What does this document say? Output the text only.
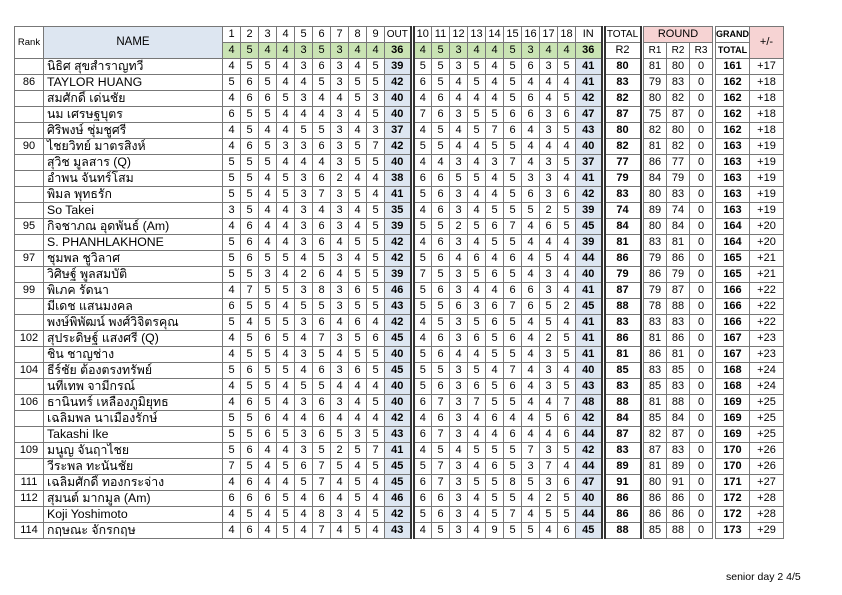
Rank	NAME	1	2	3	4	5	6	7	8	9	OUT		10	11	12	13	14	15	16	17	18	IN		TOTAL		ROUND				GRAND	+/-
		4	5	4	4	3	5	3	4	4	36		4	5	3	4	4	5	3	4	4	36		R2		R1	R2	R3		TOTAL	
	นิธิศ สุขสำราญทวี	4	5	5	4	3	6	3	4	5	39		5	5	3	5	4	5	6	3	5	41		80		81	80	0		161	+17
86	TAYLOR HUANG	5	6	5	4	4	5	3	5	5	42		6	5	4	5	4	5	4	4	4	41		83		79	83	0		162	+18
	สมศักดิ์ เด่นชัย	4	6	6	5	3	4	4	5	3	40		4	6	4	4	4	5	6	4	5	42		82		80	82	0		162	+18
	นม เศรษฐบุตร	6	5	5	4	4	4	3	4	5	40		7	6	3	5	5	6	6	3	6	47		87		75	87	0		162	+18
	ศิริพงษ์ ชุ่มชูศรี	4	5	4	4	5	5	3	4	3	37		4	5	4	5	7	6	4	3	5	43		80		82	80	0		162	+18
90	ไชยวิทย์ มาตรสิงห์	4	6	5	3	3	6	3	5	7	42		5	5	4	4	5	5	4	4	4	40		82		81	82	0		163	+19
	สุวิช มูลสาร (Q)	5	5	5	4	4	4	3	5	5	40		4	4	3	4	3	7	4	3	5	37		77		86	77	0		163	+19
	อำพน จันทร์โสม	5	5	4	5	3	6	2	4	4	38		6	6	5	5	4	5	3	3	4	41		79		84	79	0		163	+19
	พิมล พุทธรัก	5	5	4	5	3	7	3	5	4	41		5	6	3	4	4	5	6	3	6	42		83		80	83	0		163	+19
	So Takei	3	5	4	4	3	4	3	4	5	35		4	6	3	4	5	5	5	2	5	39		74		89	74	0		163	+19
95	กิจชาภณ อุดพันธ์ (Am)	4	6	4	4	3	6	3	4	5	39		5	5	2	5	6	7	4	6	5	45		84		80	84	0		164	+20
	S. PHANHLAKHONE	5	6	4	4	3	6	4	5	5	42		4	6	3	4	5	5	4	4	4	39		81		83	81	0		164	+20
97	ชุมพล ชูวิลาศ	5	6	5	5	4	5	3	4	5	42		5	6	4	6	4	6	4	5	4	44		86		79	86	0		165	+21
	วิศิษฐ์ พูลสมบัติ	5	5	3	4	2	6	4	5	5	39		7	5	3	5	6	5	4	3	4	40		79		86	79	0		165	+21
99	พิเภค รัดนา	4	7	5	5	3	8	3	6	5	46		5	6	3	4	4	6	6	3	4	41		87		79	87	0		166	+22
	มีเดช แสนมงคล	6	5	5	4	5	5	3	5	5	43		5	5	6	3	6	7	6	5	2	45		88		78	88	0		166	+22
	พงษ์พิพัฒน์ พงศ์วิจิตรคุณ	5	4	5	5	3	6	4	6	4	42		4	5	3	5	6	5	4	5	4	41		83		83	83	0		166	+22
102	สุประดิษฐ์ แสงศรี (Q)	4	5	6	5	4	7	3	5	6	45		4	6	3	6	5	6	4	2	5	41		86		81	86	0		167	+23
	ชิน ชาญช่าง	4	5	5	4	3	5	4	5	5	40		5	6	4	4	5	5	4	3	5	41		81		86	81	0		167	+23
104	ธีร์ชัย ต้องตรงทรัพย์	5	6	5	5	4	6	3	6	5	45		5	5	3	5	4	7	4	3	4	40		85		83	85	0		168	+24
	นทีเทพ จามีกรณ์	4	5	5	4	5	5	4	4	4	40		5	6	3	6	5	6	4	3	5	43		83		85	83	0		168	+24
106	ธานินทร์ เหลืองภูมิยุทธ	4	6	5	4	3	6	3	4	5	40		6	7	3	7	5	5	4	4	7	48		88		81	88	0		169	+25
	เฉลิมพล นาเมืองรักษ์	5	5	6	4	4	6	4	4	4	42		4	6	3	4	6	4	4	5	6	42		84		85	84	0		169	+25
	Takashi Ike	5	5	6	5	3	6	5	3	5	43		6	7	3	4	4	6	4	4	6	44		87		82	87	0		169	+25
109	มนูญ จันฤาไชย	5	6	4	4	3	5	2	5	7	41		4	5	4	5	5	5	7	3	5	42		83		87	83	0		170	+26
	วีระพล ทะนันชัย	7	5	4	5	6	7	5	4	5	45		5	7	3	4	6	5	3	7	4	44		89		81	89	0		170	+26
111	เฉลิมศักดิ์ ทองกระจ่าง	4	6	4	4	5	7	4	5	4	45		6	7	3	5	5	8	5	3	6	47		91		80	91	0		171	+27
112	สุมนต์ มากมูล (Am)	6	6	6	5	4	6	4	5	4	46		6	6	3	4	5	5	4	2	5	40		86		86	86	0		172	+28
	Koji Yoshimoto	4	5	4	5	4	8	3	4	5	42		5	6	3	4	5	7	4	5	5	44		86		86	86	0		172	+28
114	กฤษณะ จักรกฤษ	4	6	4	5	4	7	4	5	4	43		4	5	3	4	9	5	5	4	6	45		88		85	88	0		173	+29
senior day 2 4/5
